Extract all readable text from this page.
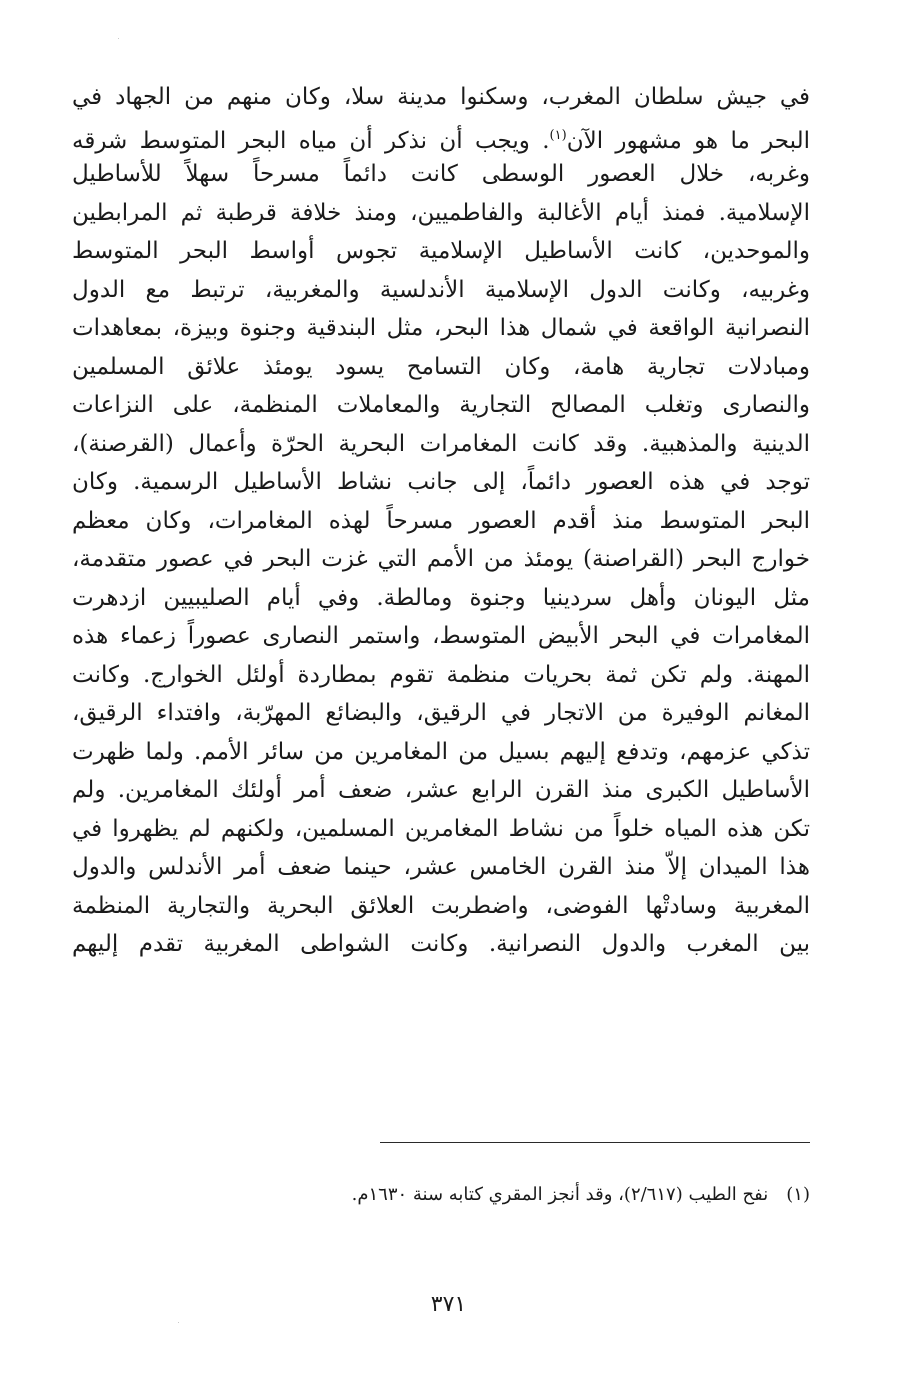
في جيش سلطان المغرب، وسكنوا مدينة سلا، وكان منهم من الجهاد في
البحر ما هو مشهور الآن$^{(١)}$. ويجب أن نذكر أن مياه البحر المتوسط شرقه
وغربه، خلال العصور الوسطى كانت دائماً مسرحاً سهلاً للأساطيل
الإسلامية. فمنذ أيام الأغالبة والفاطميين، ومنذ خلافة قرطبة ثم المرابطين
والموحدين، كانت الأساطيل الإسلامية تجوس أواسط البحر المتوسط
وغربيه، وكانت الدول الإسلامية الأندلسية والمغربية، ترتبط مع الدول
النصرانية الواقعة في شمال هذا البحر، مثل البندقية وجنوة وبيزة، بمعاهدات
ومبادلات تجارية هامة، وكان التسامح يسود يومئذ علائق المسلمين
والنصارى وتغلب المصالح التجارية والمعاملات المنظمة، على النزاعات
الدينية والمذهبية. وقد كانت المغامرات البحرية الحرّة وأعمال (القرصنة)،
توجد في هذه العصور دائماً، إلى جانب نشاط الأساطيل الرسمية. وكان
البحر المتوسط منذ أقدم العصور مسرحاً لهذه المغامرات، وكان معظم
خوارج البحر (القراصنة) يومئذ من الأمم التي غزت البحر في عصور متقدمة،
مثل اليونان وأهل سردينيا وجنوة ومالطة. وفي أيام الصليبيين ازدهرت
المغامرات في البحر الأبيض المتوسط، واستمر النصارى عصوراً زعماء هذه
المهنة. ولم تكن ثمة بحريات منظمة تقوم بمطاردة أولئل الخوارج. وكانت
المغانم الوفيرة من الاتجار في الرقيق، والبضائع المهرّبة، وافتداء الرقيق،
تذكي عزمهم، وتدفع إليهم بسيل من المغامرين من سائر الأمم. ولما ظهرت
الأساطيل الكبرى منذ القرن الرابع عشر، ضعف أمر أولئك المغامرين. ولم
تكن هذه المياه خلواً من نشاط المغامرين المسلمين، ولكنهم لم يظهروا في
هذا الميدان إلاّ منذ القرن الخامس عشر، حينما ضعف أمر الأندلس والدول
المغربية وسادتْها الفوضى، واضطربت العلائق البحرية والتجارية المنظمة
بين المغرب والدول النصرانية. وكانت الشواطى المغربية تقدم إليهم
(١)نفح الطيب (٢/٦١٧)، وقد أنجز المقري كتابه سنة ١٦٣٠م.
٣٧١
